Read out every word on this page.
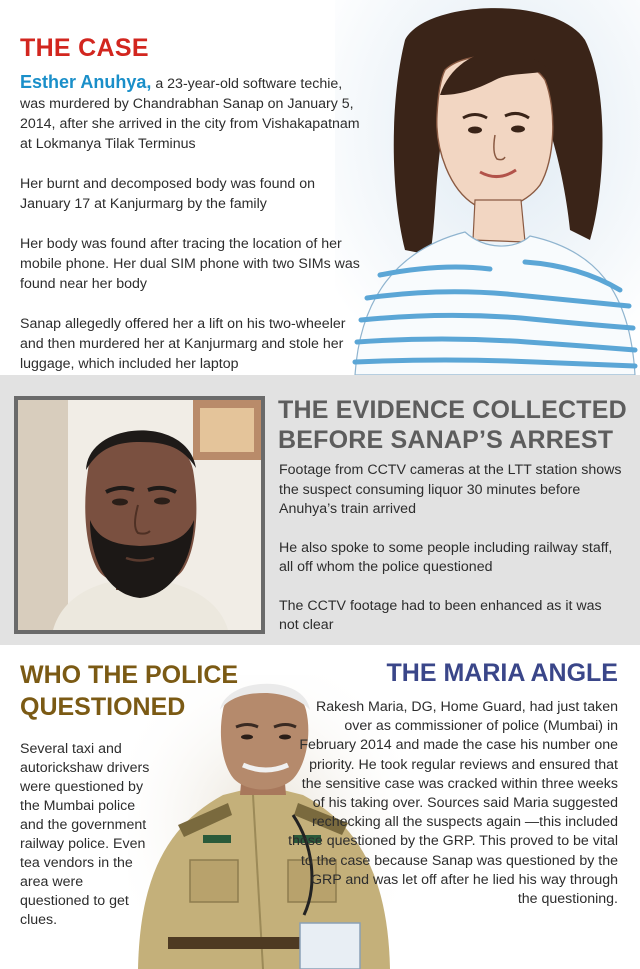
THE CASE

Esther Anuhya, a 23-year-old software techie, was murdered by Chandrabhan Sanap on January 5, 2014, after she arrived in the city from Vishakapatnam at Lokmanya Tilak Terminus

Her burnt and decomposed body was found on January 17 at Kanjurmarg by the family

Her body was found after tracing the location of her mobile phone. Her dual SIM phone with two SIMs was found near her body

Sanap allegedly offered her a lift on his two-wheeler and then murdered her at Kanjurmarg and stole her luggage, which included her laptop

THE EVIDENCE COLLECTED
BEFORE SANAP’S ARREST

Footage from CCTV cameras at the LTT station shows the suspect consuming liquor 30 minutes before Anuhya’s train arrived

He also spoke to some people including railway staff, all off whom the police questioned

The CCTV footage had to been enhanced as it was not clear

WHO THE POLICE
QUESTIONED

Several taxi and autorickshaw drivers were questioned by the Mumbai police and the government railway police. Even tea vendors in the area were questioned to get clues.

THE MARIA ANGLE

Rakesh Maria, DG, Home Guard, had just taken over as commissioner of police (Mumbai) in February 2014 and made the case his number one priority. He took regular reviews and ensured that the sensitive case was cracked within three weeks of his taking over. Sources said Maria suggested rechecking all the suspects again —this included those questioned by the GRP. This proved to be vital to the case because Sanap was questioned by the GRP and was let off after he lied his way through the questioning.
